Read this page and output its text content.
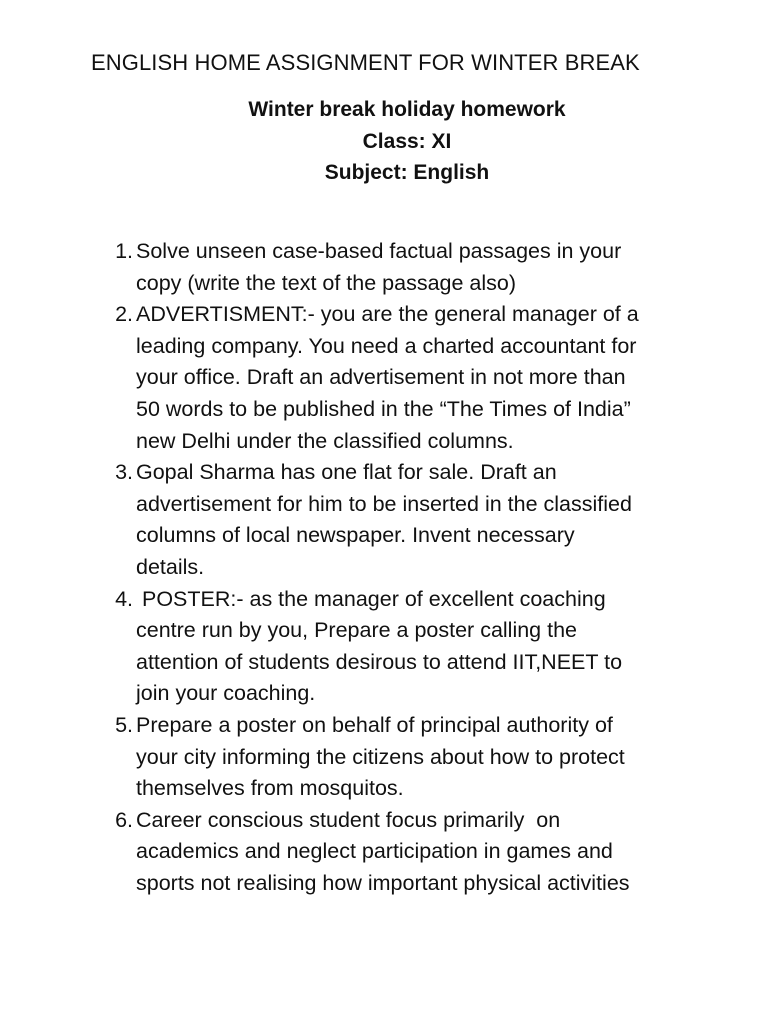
ENGLISH HOME ASSIGNMENT FOR WINTER BREAK
Winter break holiday homework
Class: XI
Subject: English
1. Solve unseen case-based factual passages in your
copy (write the text of the passage also)
2. ADVERTISMENT:- you are the general manager of a
leading company. You need a charted accountant for
your office. Draft an advertisement in not more than
50 words to be published in the “The Times of India”
new Delhi under the classified columns.
3. Gopal Sharma has one flat for sale. Draft an
advertisement for him to be inserted in the classified
columns of local newspaper. Invent necessary
details.
4. POSTER:- as the manager of excellent coaching
centre run by you, Prepare a poster calling the
attention of students desirous to attend IIT,NEET to
join your coaching.
5. Prepare a poster on behalf of principal authority of
your city informing the citizens about how to protect
themselves from mosquitos.
6. Career conscious student focus primarily  on
academics and neglect participation in games and
sports not realising how important physical activities
